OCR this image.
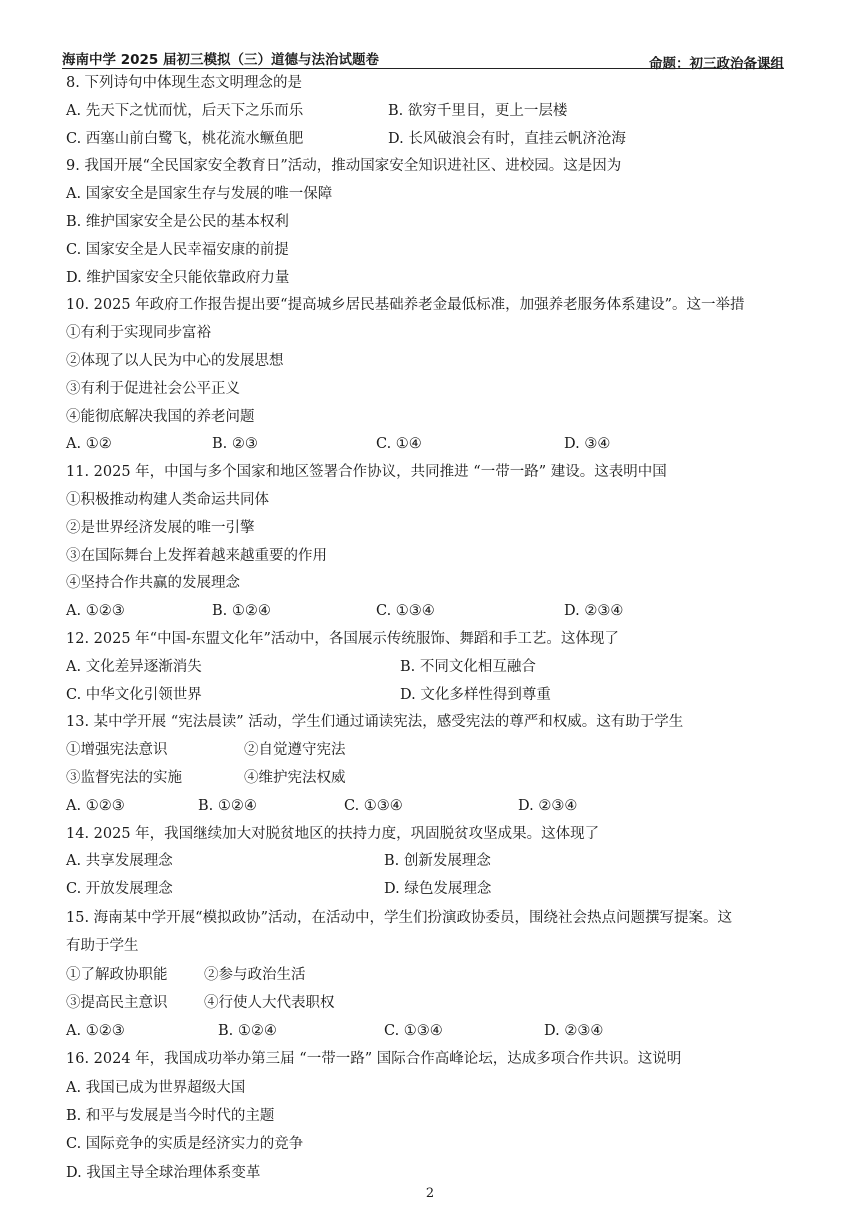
海南中学 2025 届初三模拟（三）道德与法治试题卷	命题：初三政治备课组
8. 下列诗句中体现生态文明理念的是
A. 先天下之忧而忧，后天下之乐而乐	B. 欲穷千里目，更上一层楼
C. 西塞山前白鹭飞，桃花流水鳜鱼肥	D. 长风破浪会有时，直挂云帆济沧海
9. 我国开展“全民国家安全教育日”活动，推动国家安全知识进社区、进校园。这是因为
A. 国家安全是国家生存与发展的唯一保障
B. 维护国家安全是公民的基本权利
C. 国家安全是人民幸福安康的前提
D. 维护国家安全只能依靠政府力量
10. 2025 年政府工作报告提出要“提高城乡居民基础养老金最低标准，加强养老服务体系建设”。这一举措
①有利于实现同步富裕
②体现了以人民为中心的发展思想
③有利于促进社会公平正义
④能彻底解决我国的养老问题
A. ①②	B. ②③	C. ①④	D. ③④
11. 2025 年，中国与多个国家和地区签署合作协议，共同推进 “一带一路” 建设。这表明中国
①积极推动构建人类命运共同体
②是世界经济发展的唯一引擎
③在国际舞台上发挥着越来越重要的作用
④坚持合作共赢的发展理念
A. ①②③	B. ①②④	C. ①③④	D. ②③④
12. 2025 年“中国-东盟文化年”活动中，各国展示传统服饰、舞蹈和手工艺。这体现了
A. 文化差异逐渐消失	B. 不同文化相互融合
C. 中华文化引领世界	D. 文化多样性得到尊重
13. 某中学开展 “宪法晨读” 活动，学生们通过诵读宪法，感受宪法的尊严和权威。这有助于学生
①增强宪法意识	②自觉遵守宪法
③监督宪法的实施	④维护宪法权威
A. ①②③	B. ①②④	C. ①③④	D. ②③④
14. 2025 年，我国继续加大对脱贫地区的扶持力度，巩固脱贫攻坚成果。这体现了
A. 共享发展理念	B. 创新发展理念
C. 开放发展理念	D. 绿色发展理念
15. 海南某中学开展“模拟政协”活动，在活动中，学生们扮演政协委员，围绕社会热点问题撰写提案。这
有助于学生
①了解政协职能	②参与政治生活
③提高民主意识	④行使人大代表职权
A. ①②③	B. ①②④	C. ①③④	D. ②③④
16. 2024 年，我国成功举办第三届 “一带一路” 国际合作高峰论坛，达成多项合作共识。这说明
A. 我国已成为世界超级大国
B. 和平与发展是当今时代的主题
C. 国际竞争的实质是经济实力的竞争
D. 我国主导全球治理体系变革
2
